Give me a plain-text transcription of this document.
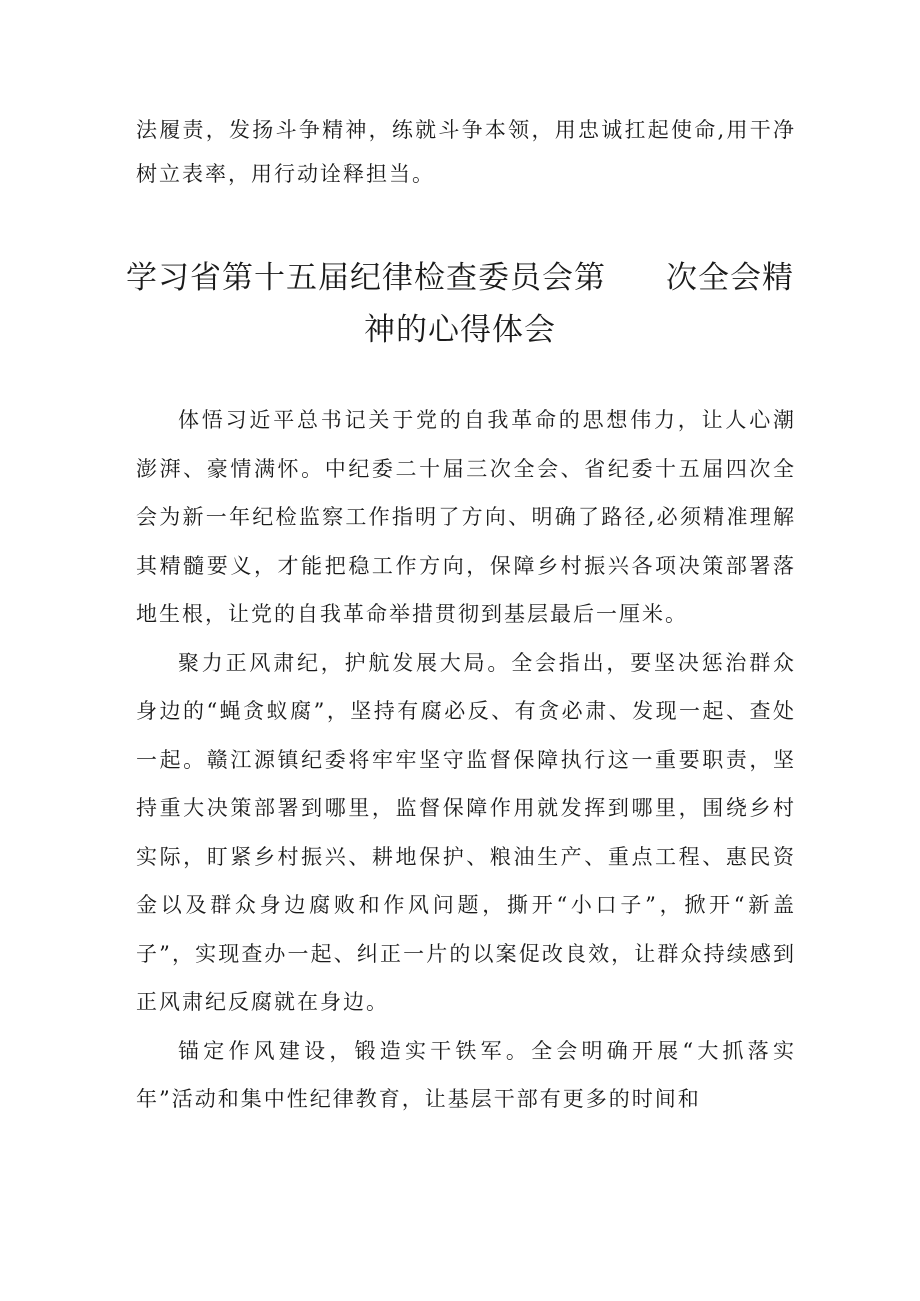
法履责，发扬斗争精神，练就斗争本领，用忠诚扛起使命,用干净树立表率，用行动诠释担当。

学习省第十五届纪律检查委员会第 次全会精神的心得体会

体悟习近平总书记关于党的自我革命的思想伟力，让人心潮澎湃、豪情满怀。中纪委二十届三次全会、省纪委十五届四次全会为新一年纪检监察工作指明了方向、明确了路径,必须精准理解其精髓要义，才能把稳工作方向，保障乡村振兴各项决策部署落地生根，让党的自我革命举措贯彻到基层最后一厘米。

聚力正风肃纪，护航发展大局。全会指出，要坚决惩治群众身边的“蝇贪蚁腐”，坚持有腐必反、有贪必肃、发现一起、查处一起。赣江源镇纪委将牢牢坚守监督保障执行这一重要职责，坚持重大决策部署到哪里，监督保障作用就发挥到哪里，围绕乡村实际，盯紧乡村振兴、耕地保护、粮油生产、重点工程、惠民资金以及群众身边腐败和作风问题，撕开“小口子”，掀开“新盖子”，实现查办一起、纠正一片的以案促改良效，让群众持续感到正风肃纪反腐就在身边。

锚定作风建设，锻造实干铁军。全会明确开展“大抓落实年”活动和集中性纪律教育，让基层干部有更多的时间和
